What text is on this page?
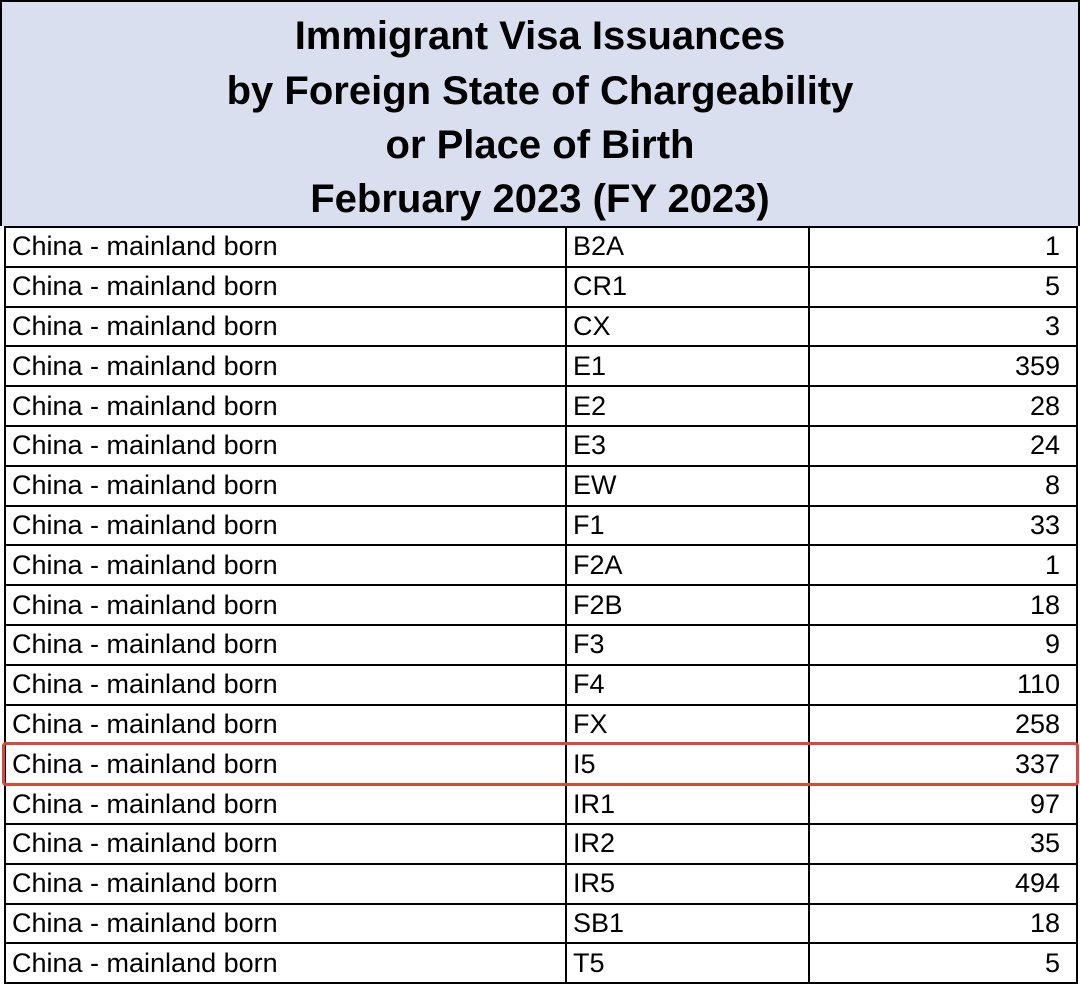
Immigrant Visa Issuances
by Foreign State of Chargeability
or Place of Birth
February 2023 (FY 2023)
China - mainland born	B2A	1
China - mainland born	CR1	5
China - mainland born	CX	3
China - mainland born	E1	359
China - mainland born	E2	28
China - mainland born	E3	24
China - mainland born	EW	8
China - mainland born	F1	33
China - mainland born	F2A	1
China - mainland born	F2B	18
China - mainland born	F3	9
China - mainland born	F4	110
China - mainland born	FX	258
China - mainland born	I5	337
China - mainland born	IR1	97
China - mainland born	IR2	35
China - mainland born	IR5	494
China - mainland born	SB1	18
China - mainland born	T5	5
